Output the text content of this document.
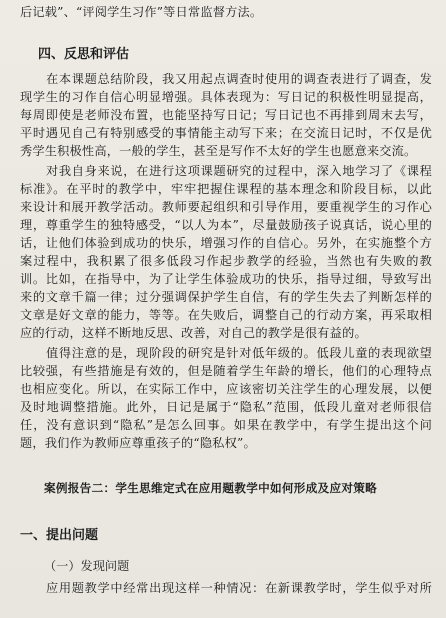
后记载”、“评阅学生习作”等日常监督方法。
四、反思和评估
在本课题总结阶段，我又用起点调查时使用的调查表进行了调查，发
现学生的习作自信心明显增强。具体表现为：写日记的积极性明显提高，
每周即使是老师没布置，也能坚持写日记；写日记也不再排到周末去写，
平时遇见自己有特别感受的事情能主动写下来；在交流日记时，不仅是优
秀学生积极性高，一般的学生，甚至是写作不太好的学生也愿意来交流。
对我自身来说，在进行这项课题研究的过程中，深入地学习了《课程
标准》。在平时的教学中，牢牢把握住课程的基本理念和阶段目标，以此
来设计和展开教学活动。教师要起组织和引导作用，要重视学生的习作心
理，尊重学生的独特感受，“以人为本”，尽量鼓励孩子说真话，说心里的
话，让他们体验到成功的快乐，增强习作的自信心。另外，在实施整个方
案过程中，我积累了很多低段习作起步教学的经验，当然也有失败的教
训。比如，在指导中，为了让学生体验成功的快乐，指导过细，导致写出
来的文章千篇一律；过分强调保护学生自信，有的学生失去了判断怎样的
文章是好文章的能力，等等。在失败后，调整自己的行动方案，再采取相
应的行动，这样不断地反思、改善，对自己的教学是很有益的。
值得注意的是，现阶段的研究是针对低年级的。低段儿童的表现欲望
比较强，有些措施是有效的，但是随着学生年龄的增长，他们的心理特点
也相应变化。所以，在实际工作中，应该密切关注学生的心理发展，以便
及时地调整措施。此外，日记是属于“隐私”范围，低段儿童对老师很信
任，没有意识到“隐私”是怎么回事。如果在教学中，有学生提出这个问
题，我们作为教师应尊重孩子的“隐私权”。
案例报告二：学生思维定式在应用题教学中如何形成及应对策略
一、提出问题
（一）发现问题
应用题教学中经常出现这样一种情况：在新课教学时，学生似乎对所
